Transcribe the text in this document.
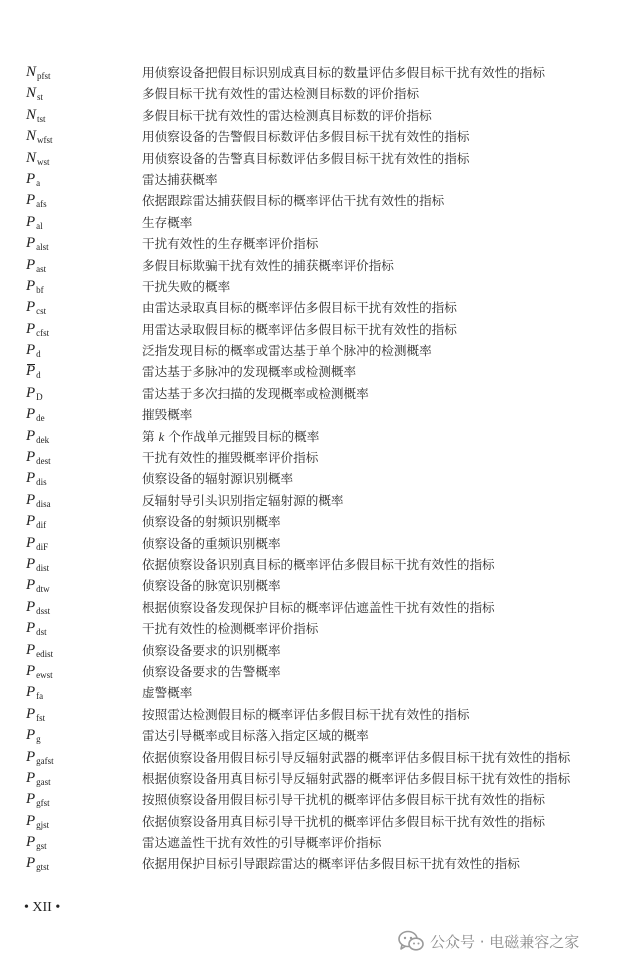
$N_{pfst}$	用侦察设备把假目标识别成真目标的数量评估多假目标干扰有效性的指标
$N_{st}$	多假目标干扰有效性的雷达检测目标数的评价指标
$N_{tst}$	多假目标干扰有效性的雷达检测真目标数的评价指标
$N_{wfst}$	用侦察设备的告警假目标数评估多假目标干扰有效性的指标
$N_{wst}$	用侦察设备的告警真目标数评估多假目标干扰有效性的指标
$P_a$	雷达捕获概率
$P_{afs}$	依据跟踪雷达捕获假目标的概率评估干扰有效性的指标
$P_{al}$	生存概率
$P_{alst}$	干扰有效性的生存概率评价指标
$P_{ast}$	多假目标欺骗干扰有效性的捕获概率评价指标
$P_{bf}$	干扰失败的概率
$P_{cst}$	由雷达录取真目标的概率评估多假目标干扰有效性的指标
$P_{cfst}$	用雷达录取假目标的概率评估多假目标干扰有效性的指标
$P_d$	泛指发现目标的概率或雷达基于单个脉冲的检测概率
$P_d$	雷达基于多脉冲的发现概率或检测概率
$P_D$	雷达基于多次扫描的发现概率或检测概率
$P_{de}$	摧毁概率
$P_{dek}$	第 k 个作战单元摧毁目标的概率
$P_{dest}$	干扰有效性的摧毁概率评价指标
$P_{dis}$	侦察设备的辐射源识别概率
$P_{disa}$	反辐射导引头识别指定辐射源的概率
$P_{dif}$	侦察设备的射频识别概率
$P_{diF}$	侦察设备的重频识别概率
$P_{dist}$	依据侦察设备识别真目标的概率评估多假目标干扰有效性的指标
$P_{dtw}$	侦察设备的脉宽识别概率
$P_{dsst}$	根据侦察设备发现保护目标的概率评估遮盖性干扰有效性的指标
$P_{dst}$	干扰有效性的检测概率评价指标
$P_{edist}$	侦察设备要求的识别概率
$P_{ewst}$	侦察设备要求的告警概率
$P_{fa}$	虚警概率
$P_{fst}$	按照雷达检测假目标的概率评估多假目标干扰有效性的指标
$P_g$	雷达引导概率或目标落入指定区域的概率
$P_{gafst}$	依据侦察设备用假目标引导反辐射武器的概率评估多假目标干扰有效性的指标
$P_{gast}$	根据侦察设备用真目标引导反辐射武器的概率评估多假目标干扰有效性的指标
$P_{gfst}$	按照侦察设备用假目标引导干扰机的概率评估多假目标干扰有效性的指标
$P_{gjst}$	依据侦察设备用真目标引导干扰机的概率评估多假目标干扰有效性的指标
$P_{gst}$	雷达遮盖性干扰有效性的引导概率评价指标
$P_{gtst}$	依据用保护目标引导跟踪雷达的概率评估多假目标干扰有效性的指标
• XII •
公众号 · 电磁兼容之家
